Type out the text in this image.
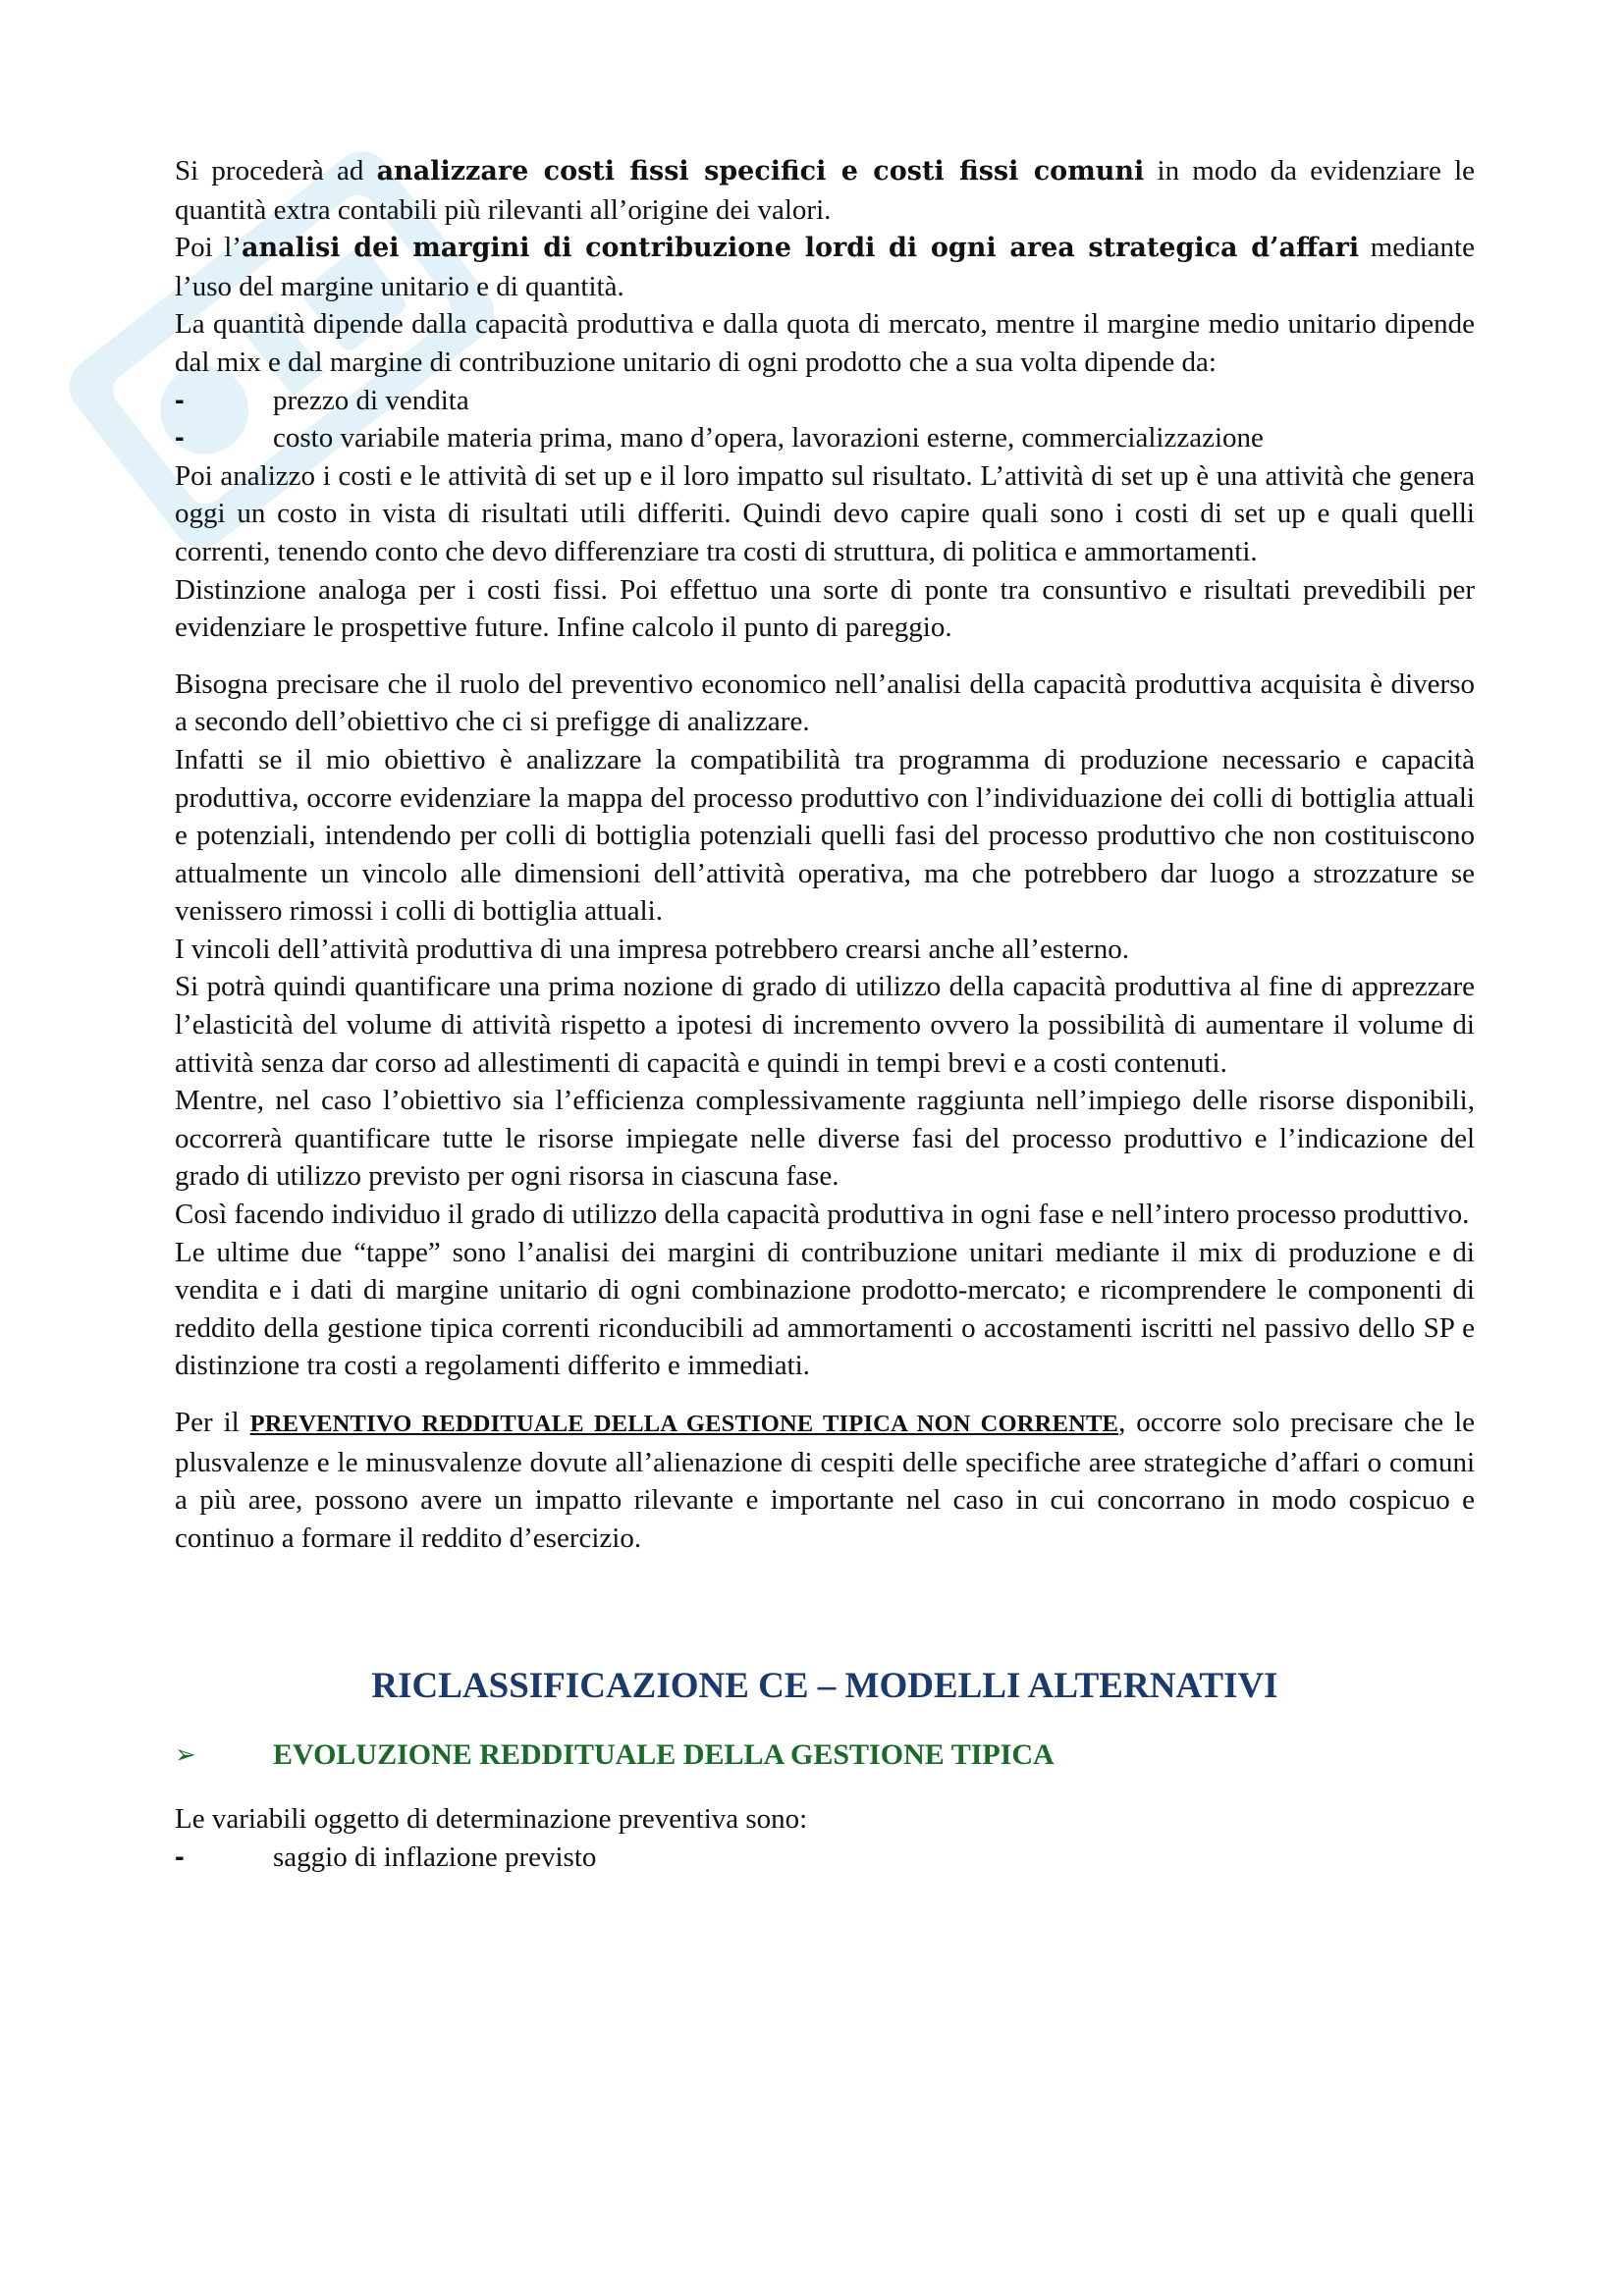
Si procederà ad analizzare costi fissi specifici e costi fissi comuni in modo da evidenziare le quantità extra contabili più rilevanti all’origine dei valori.

Poi l’analisi dei margini di contribuzione lordi di ogni area strategica d’affari mediante l’uso del margine unitario e di quantità.

La quantità dipende dalla capacità produttiva e dalla quota di mercato, mentre il margine medio unitario dipende dal mix e dal margine di contribuzione unitario di ogni prodotto che a sua volta dipende da:

-	prezzo di vendita
-	costo variabile materia prima, mano d’opera, lavorazioni esterne, commercializzazione

Poi analizzo i costi e le attività di set up e il loro impatto sul risultato. L’attività di set up è una attività che genera oggi un costo in vista di risultati utili differiti. Quindi devo capire quali sono i costi di set up e quali quelli correnti, tenendo conto che devo differenziare tra costi di struttura, di politica e ammortamenti.

Distinzione analoga per i costi fissi. Poi effettuo una sorte di ponte tra consuntivo e risultati prevedibili per evidenziare le prospettive future. Infine calcolo il punto di pareggio.

Bisogna precisare che il ruolo del preventivo economico nell’analisi della capacità produttiva acquisita è diverso a secondo dell’obiettivo che ci si prefigge di analizzare.

Infatti se il mio obiettivo è analizzare la compatibilità tra programma di produzione necessario e capacità produttiva, occorre evidenziare la mappa del processo produttivo con l’individuazione dei colli di bottiglia attuali e potenziali, intendendo per colli di bottiglia potenziali quelli fasi del processo produttivo che non costituiscono attualmente un vincolo alle dimensioni dell’attività operativa, ma che potrebbero dar luogo a strozzature se venissero rimossi i colli di bottiglia attuali.

I vincoli dell’attività produttiva di una impresa potrebbero crearsi anche all’esterno.

Si potrà quindi quantificare una prima nozione di grado di utilizzo della capacità produttiva al fine di apprezzare l’elasticità del volume di attività rispetto a ipotesi di incremento ovvero la possibilità di aumentare il volume di attività senza dar corso ad allestimenti di capacità e quindi in tempi brevi e a costi contenuti.

Mentre, nel caso l’obiettivo sia l’efficienza complessivamente raggiunta nell’impiego delle risorse disponibili, occorrerà quantificare tutte le risorse impiegate nelle diverse fasi del processo produttivo e l’indicazione del grado di utilizzo previsto per ogni risorsa in ciascuna fase.

Così facendo individuo il grado di utilizzo della capacità produttiva in ogni fase e nell’intero processo produttivo.

Le ultime due “tappe” sono l’analisi dei margini di contribuzione unitari mediante il mix di produzione e di vendita e i dati di margine unitario di ogni combinazione prodotto-mercato; e ricomprendere le componenti di reddito della gestione tipica correnti riconducibili ad ammortamenti o accostamenti iscritti nel passivo dello SP e distinzione tra costi a regolamenti differito e immediati.

Per il PREVENTIVO REDDITUALE DELLA GESTIONE TIPICA NON CORRENTE, occorre solo precisare che le plusvalenze e le minusvalenze dovute all’alienazione di cespiti delle specifiche aree strategiche d’affari o comuni a più aree, possono avere un impatto rilevante e importante nel caso in cui concorrano in modo cospicuo e continuo a formare il reddito d’esercizio.

RICLASSIFICAZIONE CE – MODELLI ALTERNATIVI
➢	EVOLUZIONE REDDITUALE DELLA GESTIONE TIPICA

Le variabili oggetto di determinazione preventiva sono:

-	saggio di inflazione previsto
